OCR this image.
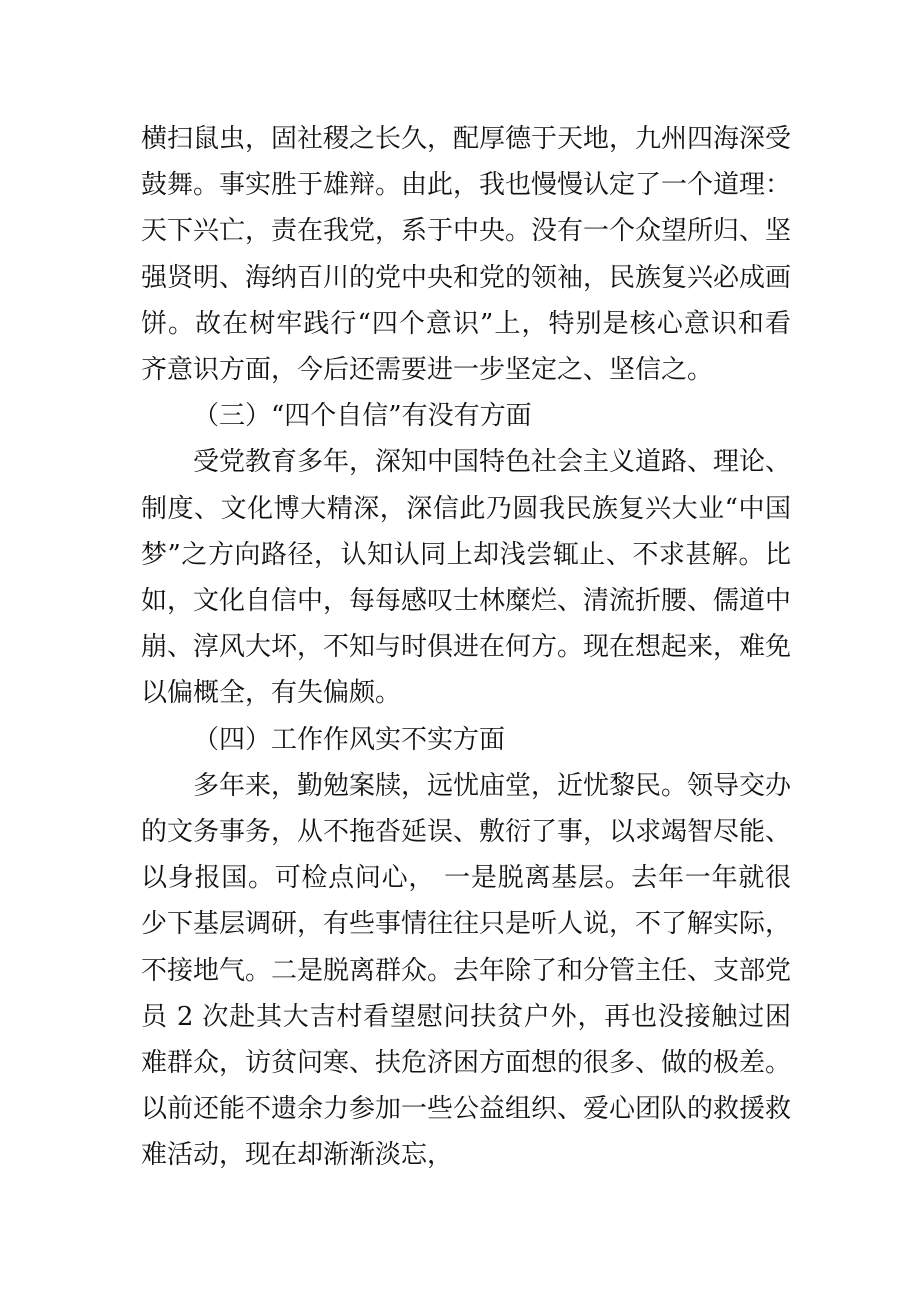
横扫鼠虫，固社稷之长久，配厚德于天地，九州四海深受鼓舞。事实胜于雄辩。由此，我也慢慢认定了一个道理：天下兴亡，责在我党，系于中央。没有一个众望所归、坚强贤明、海纳百川的党中央和党的领袖，民族复兴必成画饼。故在树牢践行“四个意识”上，特别是核心意识和看齐意识方面，今后还需要进一步坚定之、坚信之。

（三）“四个自信”有没有方面

受党教育多年，深知中国特色社会主义道路、理论、制度、文化博大精深，深信此乃圆我民族复兴大业“中国梦”之方向路径，认知认同上却浅尝辄止、不求甚解。比如，文化自信中，每每感叹士林糜烂、清流折腰、儒道中崩、淳风大坏，不知与时俱进在何方。现在想起来，难免以偏概全，有失偏颇。

（四）工作作风实不实方面

多年来，勤勉案牍，远忧庙堂，近忧黎民。领导交办的文务事务，从不拖沓延误、敷衍了事，以求竭智尽能、以身报国。可检点问心， 一是脱离基层。去年一年就很少下基层调研，有些事情往往只是听人说，不了解实际，不接地气。二是脱离群众。去年除了和分管主任、支部党员 2 次赴其大吉村看望慰问扶贫户外，再也没接触过困难群众，访贫问寒、扶危济困方面想的很多、做的极差。以前还能不遗余力参加一些公益组织、爱心团队的救援救难活动，现在却渐渐淡忘，
